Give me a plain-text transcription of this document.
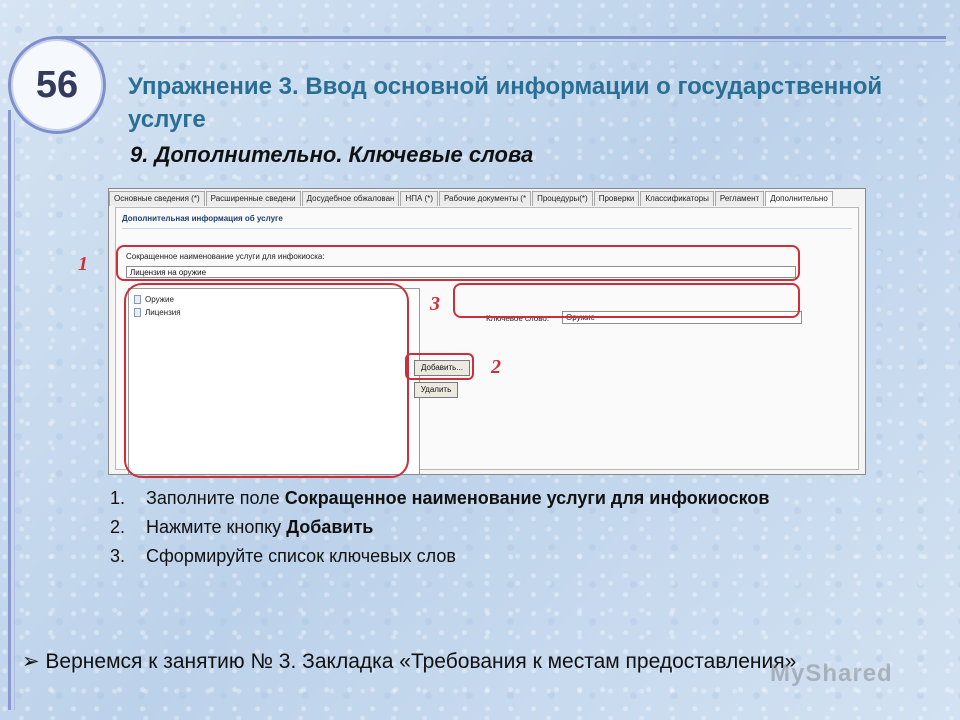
56 Упражнение 3. Ввод основной информации о государственной услуге
9. Дополнительно. Ключевые слова
Основные сведения (*)	Расширенные сведени	Досудебное обжалован	НПА (*)	Рабочие документы (*	Процедуры(*)	Проверки	Классификаторы	Регламент	Дополнительно
Дополнительная информация об услуге
Сокращенное наименование услуги для инфокиоска:
Лицензия на оружие
Оружие
Лицензия
Ключевое слово:	Оружие
Добавить...
Удалить
1
2
3
1.	Заполните поле Сокращенное наименование услуги для инфокиосков
2.	Нажмите кнопку Добавить
3.	Сформируйте список ключевых слов
➢ Вернемся к занятию № 3. Закладка «Требования к местам предоставления»
MyShared
